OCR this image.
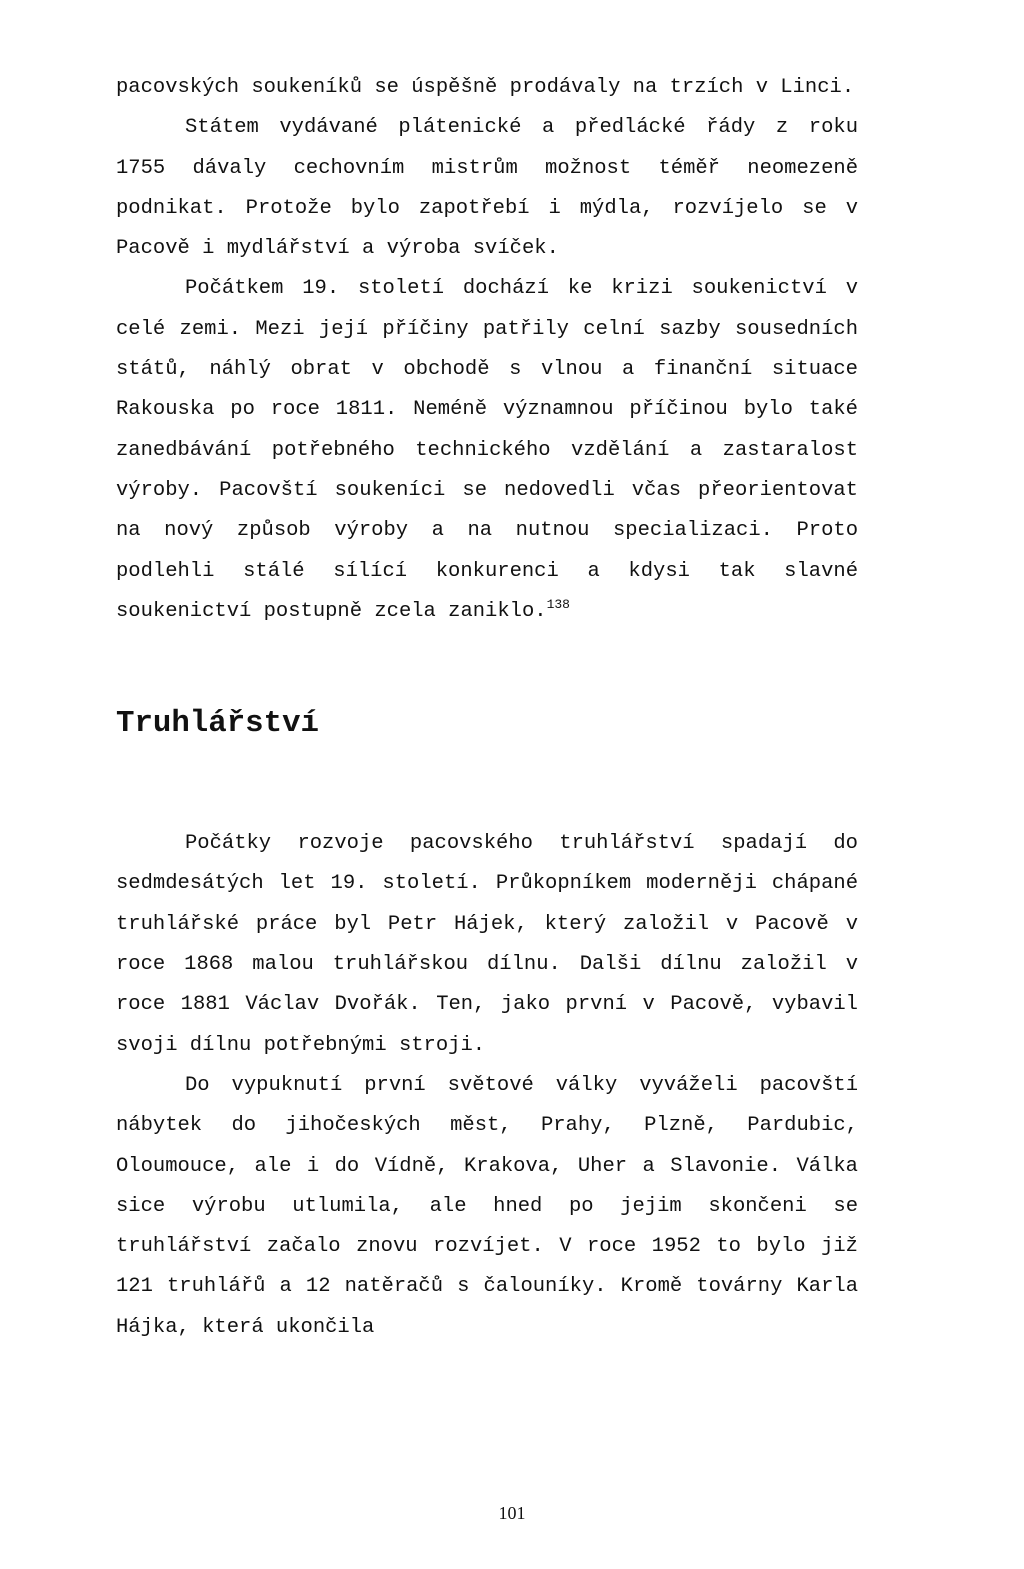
pacovských soukeníků se úspěšně prodávaly na trzích v Linci.

Státem vydávané plátenické a předlácké řády z roku 1755 dávaly cechovním mistrům možnost téměř neomezeně podnikat. Protože bylo zapotřebí i mýdla, rozvíjelo se v Pacově i mydlářství a výroba svíček.

Počátkem 19. století dochází ke krizi soukenictví v celé zemi. Mezi její příčiny patřily celní sazby sousedních států, náhlý obrat v obchodě s vlnou a finanční situace Rakouska po roce 1811. Neméně významnou příčinou bylo také zanedbávání potřebného technického vzdělání a zastaralost výroby. Pacovští soukeníci se nedovedli včas přeorientovat na nový způsob výroby a na nutnou specializaci. Proto podlehli stálé sílící konkurenci a kdysi tak slavné soukenictví postupně zcela zaniklo.$^{138}$

Truhlářství

Počátky rozvoje pacovského truhlářství spadají do sedmdesátých let 19. století. Průkopníkem moderněji chápané truhlářské práce byl Petr Hájek, který založil v Pacově v roce 1868 malou truhlářskou dílnu. Dalši dílnu založil v roce 1881 Václav Dvořák. Ten, jako první v Pacově, vybavil svoji dílnu potřebnými stroji.

Do vypuknutí první světové války vyváželi pacovští nábytek do jihočeských měst, Prahy, Plzně, Pardubic, Oloumouce, ale i do Vídně, Krakova, Uher a Slavonie. Válka sice výrobu utlumila, ale hned po jejim skončeni se truhlářství začalo znovu rozvíjet. V roce 1952 to bylo již 121 truhlářů a 12 natěračů s čalouníky. Kromě továrny Karla Hájka, která ukončila

101
